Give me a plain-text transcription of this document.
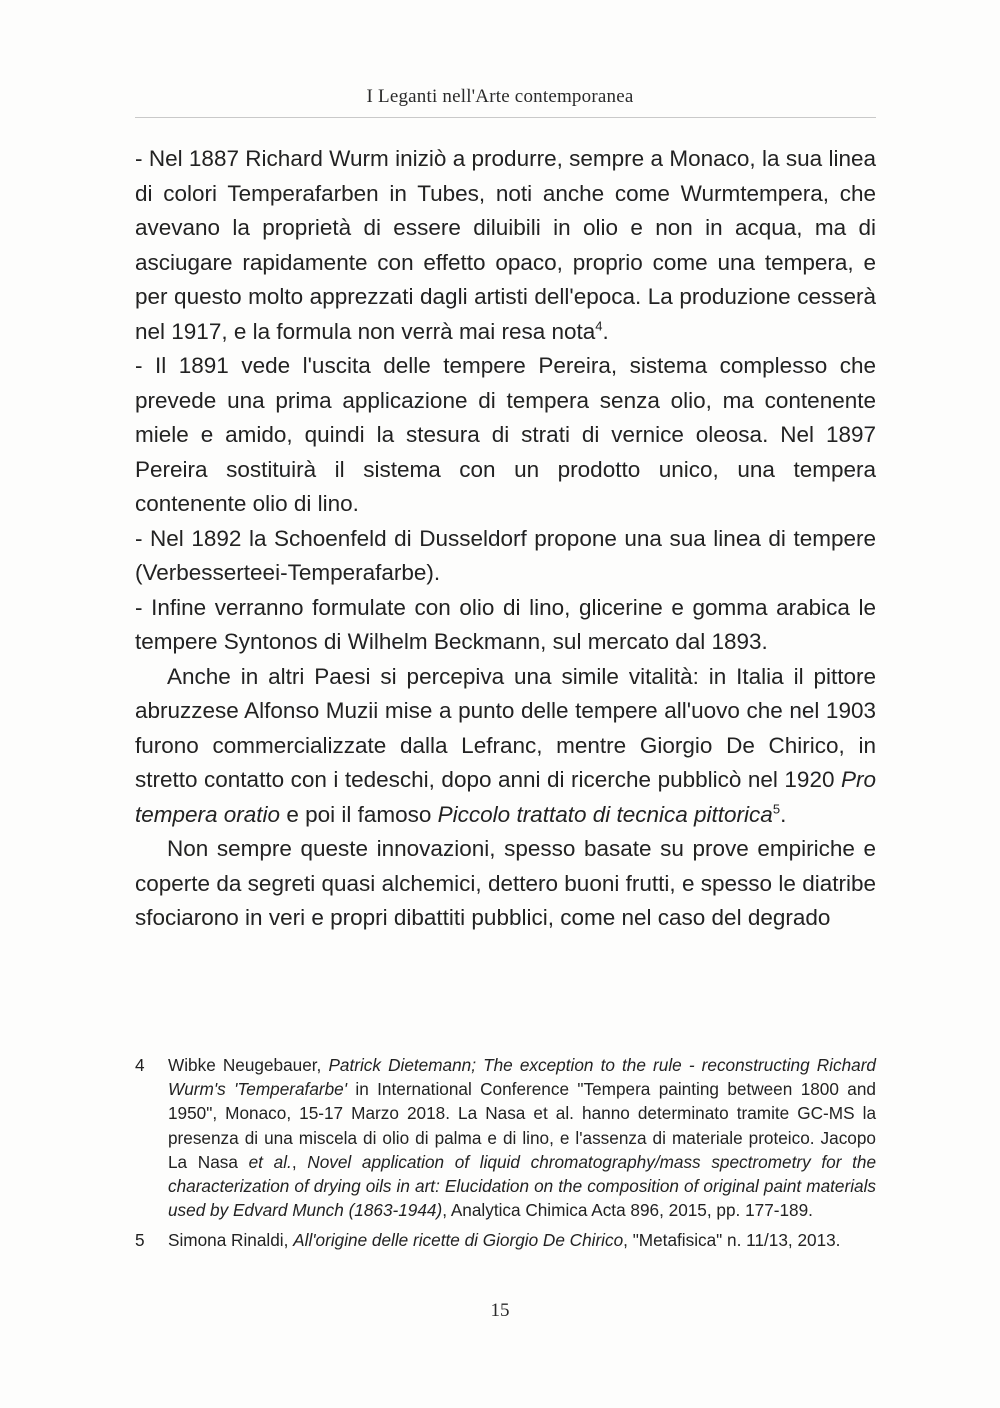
I Leganti nell'Arte contemporanea

- Nel 1887 Richard Wurm iniziò a produrre, sempre a Monaco, la sua linea di colori Temperafarben in Tubes, noti anche come Wurmtempera, che avevano la proprietà di essere diluibili in olio e non in acqua, ma di asciugare rapidamente con effetto opaco, proprio come una tempera, e per questo molto apprezzati dagli artisti dell'epoca. La produzione cesserà nel 1917, e la formula non verrà mai resa nota$^4$.

- Il 1891 vede l'uscita delle tempere Pereira, sistema complesso che prevede una prima applicazione di tempera senza olio, ma contenente miele e amido, quindi la stesura di strati di vernice oleosa. Nel 1897 Pereira sostituirà il sistema con un prodotto unico, una tempera contenente olio di lino.

- Nel 1892 la Schoenfeld di Dusseldorf propone una sua linea di tempere (Verbesserteei-Temperafarbe).

- Infine verranno formulate con olio di lino, glicerine e gomma arabica le tempere Syntonos di Wilhelm Beckmann, sul mercato dal 1893.

Anche in altri Paesi si percepiva una simile vitalità: in Italia il pittore abruzzese Alfonso Muzii mise a punto delle tempere all'uovo che nel 1903 furono commercializzate dalla Lefranc, mentre Giorgio De Chirico, in stretto contatto con i tedeschi, dopo anni di ricerche pubblicò nel 1920 Pro tempera oratio e poi il famoso Piccolo trattato di tecnica pittorica$^5$.

Non sempre queste innovazioni, spesso basate su prove empiriche e coperte da segreti quasi alchemici, dettero buoni frutti, e spesso le diatribe sfociarono in veri e propri dibattiti pubblici, come nel caso del degrado

4	Wibke Neugebauer, Patrick Dietemann; The exception to the rule - reconstructing Richard Wurm's 'Temperafarbe' in International Conference "Tempera painting between 1800 and 1950", Monaco, 15-17 Marzo 2018. La Nasa et al. hanno determinato tramite GC-MS la presenza di una miscela di olio di palma e di lino, e l'assenza di materiale proteico. Jacopo La Nasa et al., Novel application of liquid chromatography/mass spectrometry for the characterization of drying oils in art: Elucidation on the composition of original paint materials used by Edvard Munch (1863-1944), Analytica Chimica Acta 896, 2015, pp. 177-189.
5	Simona Rinaldi, All'origine delle ricette di Giorgio De Chirico, "Metafisica" n. 11/13, 2013.
15
